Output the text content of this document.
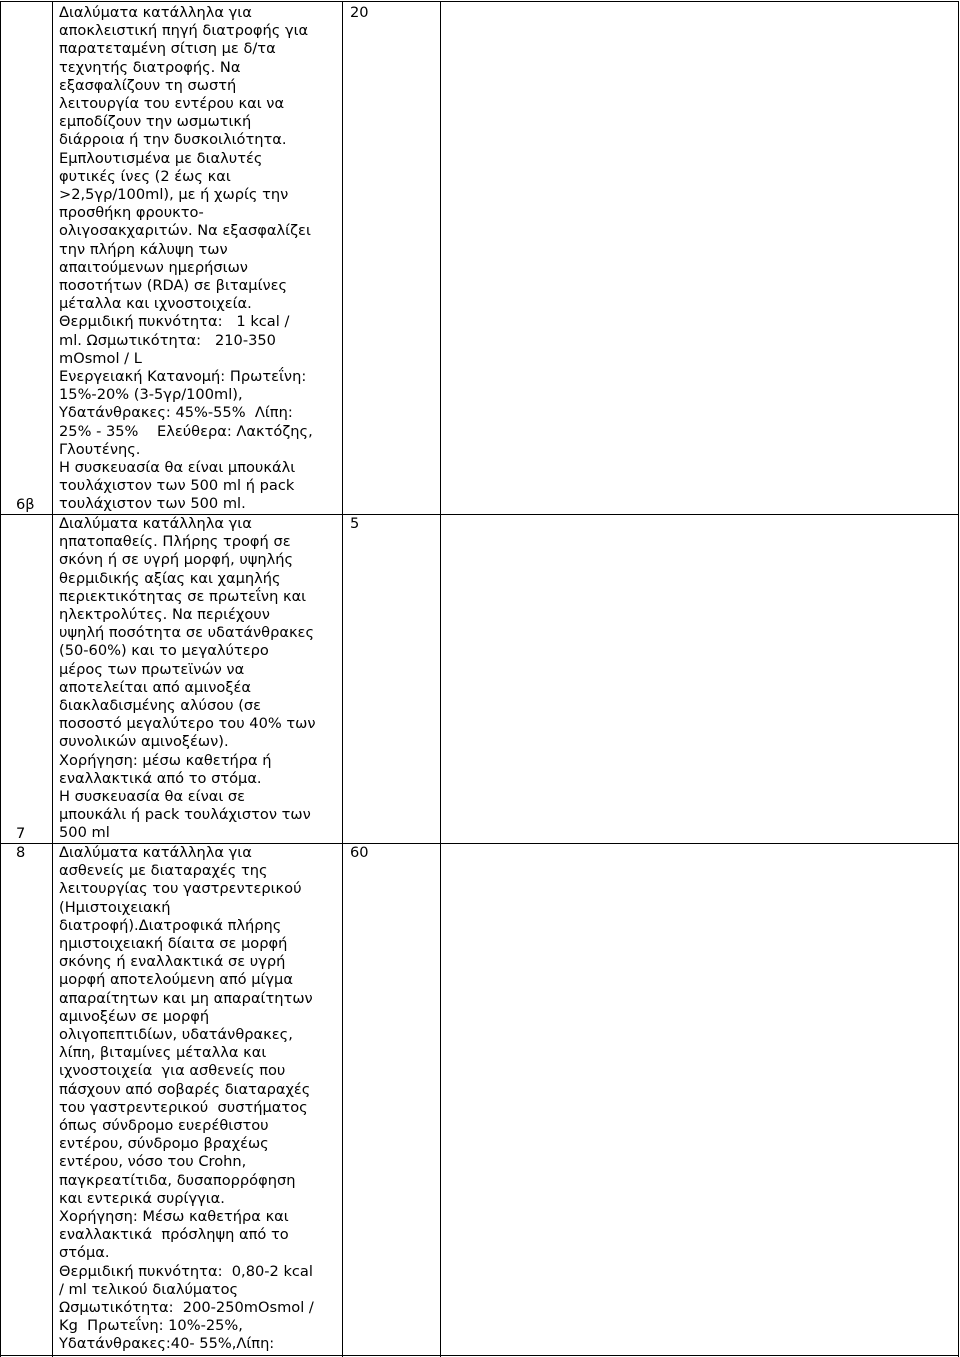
6β
Διαλύματα κατάλληλα για
αποκλειστική πηγή διατροφής για
παρατεταμένη σίτιση με δ/τα
τεχνητής διατροφής. Να
εξασφαλίζουν τη σωστή
λειτουργία του εντέρου και να
εμποδίζουν την ωσμωτική
διάρροια ή την δυσκοιλιότητα.
Εμπλουτισμένα με διαλυτές
φυτικές ίνες (2 έως και
>2,5γρ/100ml), με ή χωρίς την
προσθήκη φρουκτο-
ολιγοσακχαριτών. Να εξασφαλίζει
την πλήρη κάλυψη των
απαιτούμενων ημερήσιων
ποσοτήτων (RDA) σε βιταμίνες
μέταλλα και ιχνοστοιχεία.
Θερμιδική πυκνότητα:   1 kcal /
ml. Ωσμωτικότητα:   210-350
mOsmol / L
Ενεργειακή Κατανομή: Πρωτεΐνη:
15%-20% (3-5γρ/100ml),
Υδατάνθρακες: 45%-55%  Λίπη:
25% - 35%    Ελεύθερα: Λακτόζης,
Γλουτένης.
Η συσκευασία θα είναι μπουκάλι
τουλάχιστον των 500 ml ή pack
τουλάχιστον των 500 ml.
20
7
Διαλύματα κατάλληλα για
ηπατοπαθείς. Πλήρης τροφή σε
σκόνη ή σε υγρή μορφή, υψηλής
θερμιδικής αξίας και χαμηλής
περιεκτικότητας σε πρωτεΐνη και
ηλεκτρολύτες. Να περιέχουν
υψηλή ποσότητα σε υδατάνθρακες
(50-60%) και το μεγαλύτερο
μέρος των πρωτεϊνών να
αποτελείται από αμινοξέα
διακλαδισμένης αλύσου (σε
ποσοστό μεγαλύτερο του 40% των
συνολικών αμινοξέων).
Χορήγηση: μέσω καθετήρα ή
εναλλακτικά από το στόμα.
Η συσκευασία θα είναι σε
μπουκάλι ή pack τουλάχιστον των
500 ml
5
8 Διαλύματα κατάλληλα για
ασθενείς με διαταραχές της
λειτουργίας του γαστρεντερικού
(Ημιστοιχειακή
διατροφή).Διατροφικά πλήρης
ημιστοιχειακή δίαιτα σε μορφή
σκόνης ή εναλλακτικά σε υγρή
μορφή αποτελούμενη από μίγμα
απαραίτητων και μη απαραίτητων
αμινοξέων σε μορφή
ολιγοπεπτιδίων, υδατάνθρακες,
λίπη, βιταμίνες μέταλλα και
ιχνοστοιχεία  για ασθενείς που
πάσχουν από σοβαρές διαταραχές
του γαστρεντερικού  συστήματος
όπως σύνδρομο ευερέθιστου
εντέρου, σύνδρομο βραχέως
εντέρου, νόσο του Crohn,
παγκρεατίτιδα, δυσαπορρόφηση
και εντερικά συρίγγια.
Χορήγηση: Μέσω καθετήρα και
εναλλακτικά  πρόσληψη από το
στόμα.
Θερμιδική πυκνότητα:  0,80-2 kcal
/ ml τελικού διαλύματος
Ωσμωτικότητα:  200-250mOsmol /
Kg  Πρωτεΐνη: 10%-25%,
Υδατάνθρακες:40- 55%,Λίπη:
60
